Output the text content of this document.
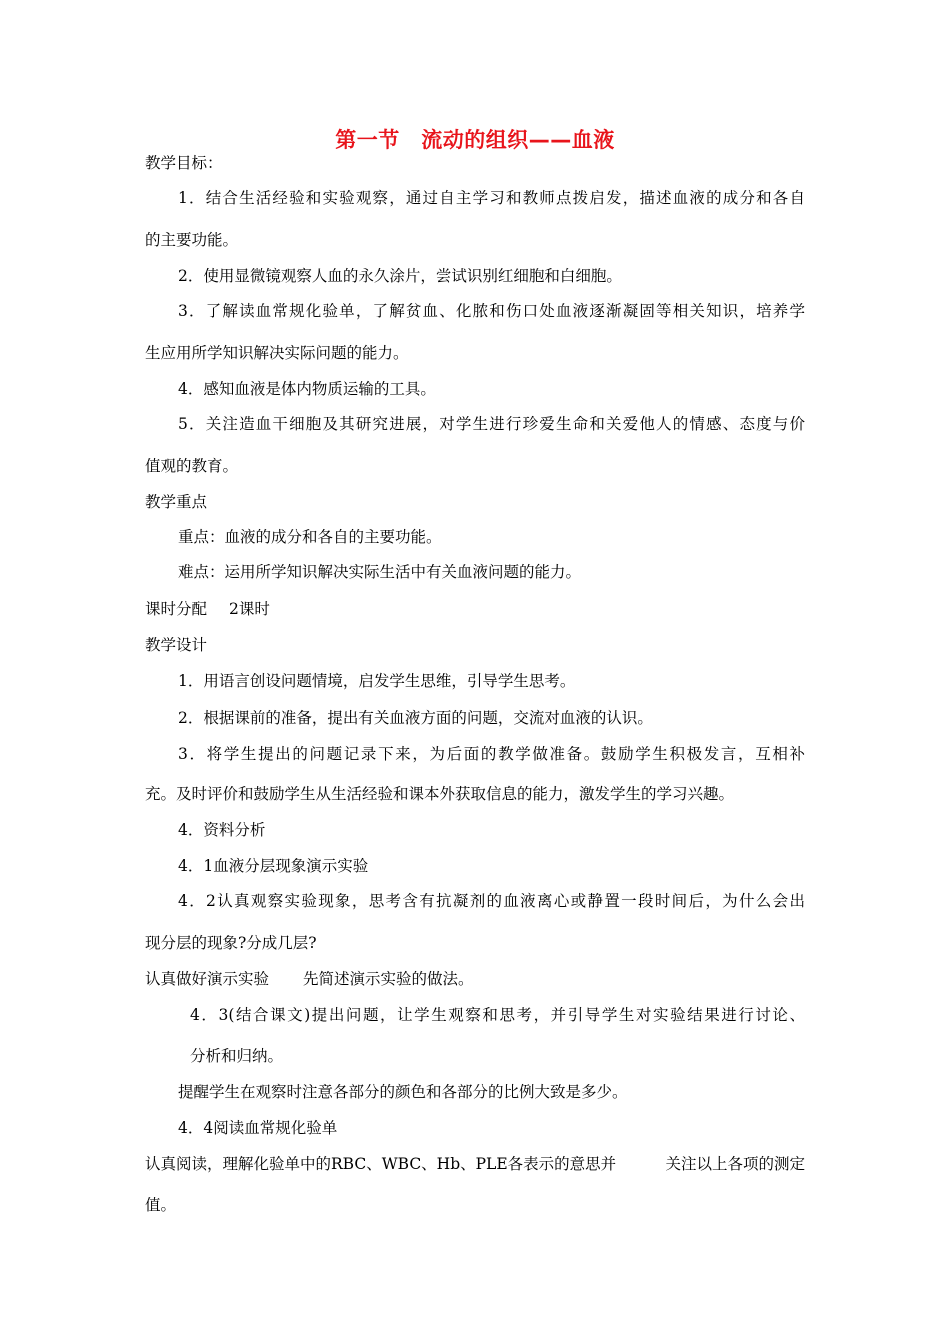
第一节　流动的组织——血液
教学目标：
1．结合生活经验和实验观察，通过自主学习和教师点拨启发，描述血液的成分和各自
的主要功能。
2．使用显微镜观察人血的永久涂片，尝试识别红细胞和白细胞。
3．了解读血常规化验单，了解贫血、化脓和伤口处血液逐渐凝固等相关知识，培养学
生应用所学知识解决实际问题的能力。
4．感知血液是体内物质运输的工具。
5．关注造血干细胞及其研究进展，对学生进行珍爱生命和关爱他人的情感、态度与价
值观的教育。
教学重点
重点：血液的成分和各自的主要功能。
难点：运用所学知识解决实际生活中有关血液问题的能力。
课时分配 2课时
教学设计
1．用语言创设问题情境，启发学生思维，引导学生思考。
2．根据课前的准备，提出有关血液方面的问题，交流对血液的认识。
3．将学生提出的问题记录下来，为后面的教学做准备。鼓励学生积极发言，互相补
充。及时评价和鼓励学生从生活经验和课本外获取信息的能力，激发学生的学习兴趣。
4．资料分析
4．1血液分层现象演示实验
4．2认真观察实验现象，思考含有抗凝剂的血液离心或静置一段时间后，为什么会出
现分层的现象?分成几层?
认真做好演示实验 先简述演示实验的做法。
4．3(结合课文)提出问题，让学生观察和思考，并引导学生对实验结果进行讨论、
分析和归纳。
提醒学生在观察时注意各部分的颜色和各部分的比例大致是多少。
4．4阅读血常规化验单
认真阅读，理解化验单中的RBC、WBC、Hb、PLE各表示的意思并	关注以上各项的测定
值。
